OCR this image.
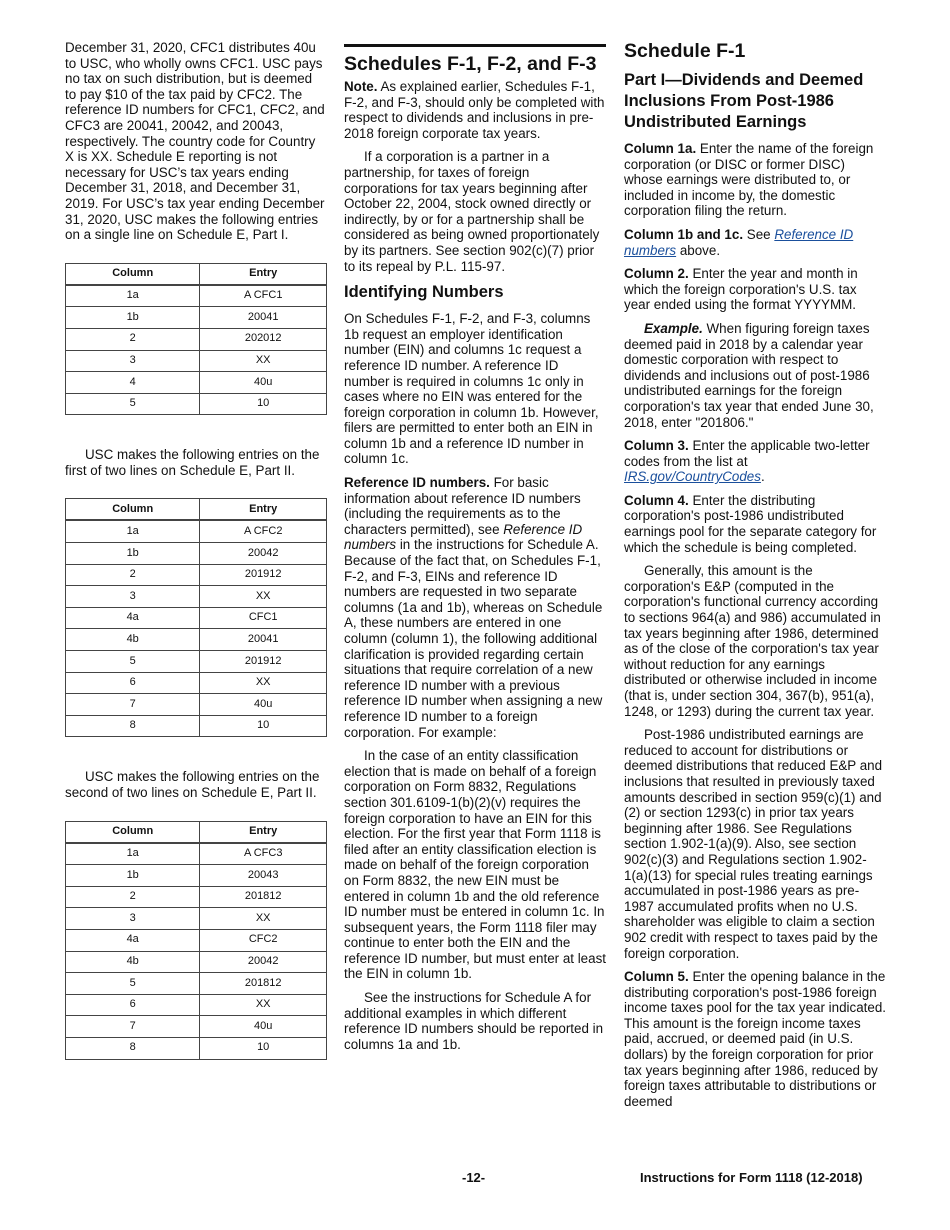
December 31, 2020, CFC1 distributes 40u to USC, who wholly owns CFC1. USC pays no tax on such distribution, but is deemed to pay $10 of the tax paid by CFC2. The reference ID numbers for CFC1, CFC2, and CFC3 are 20041, 20042, and 20043, respectively. The country code for Country X is XX. Schedule E reporting is not necessary for USC’s tax years ending December 31, 2018, and December 31, 2019. For USC’s tax year ending December 31, 2020, USC makes the following entries on a single line on Schedule E, Part I.

Column	Entry
1a	A CFC1
1b	20041
2	202012
3	XX
4	40u
5	10

USC makes the following entries on the first of two lines on Schedule E, Part II.

Column	Entry
1a	A CFC2
1b	20042
2	201912
3	XX
4a	CFC1
4b	20041
5	201912
6	XX
7	40u
8	10

USC makes the following entries on the second of two lines on Schedule E, Part II.

Column	Entry
1a	A CFC3
1b	20043
2	201812
3	XX
4a	CFC2
4b	20042
5	201812
6	XX
7	40u
8	10
Schedules F-1, F-2, and F-3

Note. As explained earlier, Schedules F-1, F-2, and F-3, should only be completed with respect to dividends and inclusions in pre-2018 foreign corporate tax years.

If a corporation is a partner in a partnership, for taxes of foreign corporations for tax years beginning after October 22, 2004, stock owned directly or indirectly, by or for a partnership shall be considered as being owned proportionately by its partners. See section 902(c)(7) prior to its repeal by P.L. 115-97.

Identifying Numbers

On Schedules F-1, F-2, and F-3, columns 1b request an employer identification number (EIN) and columns 1c request a reference ID number. A reference ID number is required in columns 1c only in cases where no EIN was entered for the foreign corporation in column 1b. However, filers are permitted to enter both an EIN in column 1b and a reference ID number in column 1c.

Reference ID numbers. For basic information about reference ID numbers (including the requirements as to the characters permitted), see Reference ID numbers in the instructions for Schedule A. Because of the fact that, on Schedules F-1, F-2, and F-3, EINs and reference ID numbers are requested in two separate columns (1a and 1b), whereas on Schedule A, these numbers are entered in one column (column 1), the following additional clarification is provided regarding certain situations that require correlation of a new reference ID number with a previous reference ID number when assigning a new reference ID number to a foreign corporation. For example:

In the case of an entity classification election that is made on behalf of a foreign corporation on Form 8832, Regulations section 301.6109-1(b)(2)(v) requires the foreign corporation to have an EIN for this election. For the first year that Form 1118 is filed after an entity classification election is made on behalf of the foreign corporation on Form 8832, the new EIN must be entered in column 1b and the old reference ID number must be entered in column 1c. In subsequent years, the Form 1118 filer may continue to enter both the EIN and the reference ID number, but must enter at least the EIN in column 1b.

See the instructions for Schedule A for additional examples in which different reference ID numbers should be reported in columns 1a and 1b.

Schedule F-1
Part I—Dividends and Deemed Inclusions From Post-1986 Undistributed Earnings

Column 1a. Enter the name of the foreign corporation (or DISC or former DISC) whose earnings were distributed to, or included in income by, the domestic corporation filing the return.

Column 1b and 1c. See Reference ID numbers above.

Column 2. Enter the year and month in which the foreign corporation's U.S. tax year ended using the format YYYYMM.

Example. When figuring foreign taxes deemed paid in 2018 by a calendar year domestic corporation with respect to dividends and inclusions out of post-1986 undistributed earnings for the foreign corporation's tax year that ended June 30, 2018, enter "201806."

Column 3. Enter the applicable two-letter codes from the list at IRS.gov/CountryCodes.

Column 4. Enter the distributing corporation's post-1986 undistributed earnings pool for the separate category for which the schedule is being completed.

Generally, this amount is the corporation's E&P (computed in the corporation's functional currency according to sections 964(a) and 986) accumulated in tax years beginning after 1986, determined as of the close of the corporation's tax year without reduction for any earnings distributed or otherwise included in income (that is, under section 304, 367(b), 951(a), 1248, or 1293) during the current tax year.

Post-1986 undistributed earnings are reduced to account for distributions or deemed distributions that reduced E&P and inclusions that resulted in previously taxed amounts described in section 959(c)(1) and (2) or section 1293(c) in prior tax years beginning after 1986. See Regulations section 1.902-1(a)(9). Also, see section 902(c)(3) and Regulations section 1.902-1(a)(13) for special rules treating earnings accumulated in post-1986 years as pre-1987 accumulated profits when no U.S. shareholder was eligible to claim a section 902 credit with respect to taxes paid by the foreign corporation.

Column 5. Enter the opening balance in the distributing corporation's post-1986 foreign income taxes pool for the tax year indicated. This amount is the foreign income taxes paid, accrued, or deemed paid (in U.S. dollars) by the foreign corporation for prior tax years beginning after 1986, reduced by foreign taxes attributable to distributions or deemed

-12-	Instructions for Form 1118 (12-2018)
